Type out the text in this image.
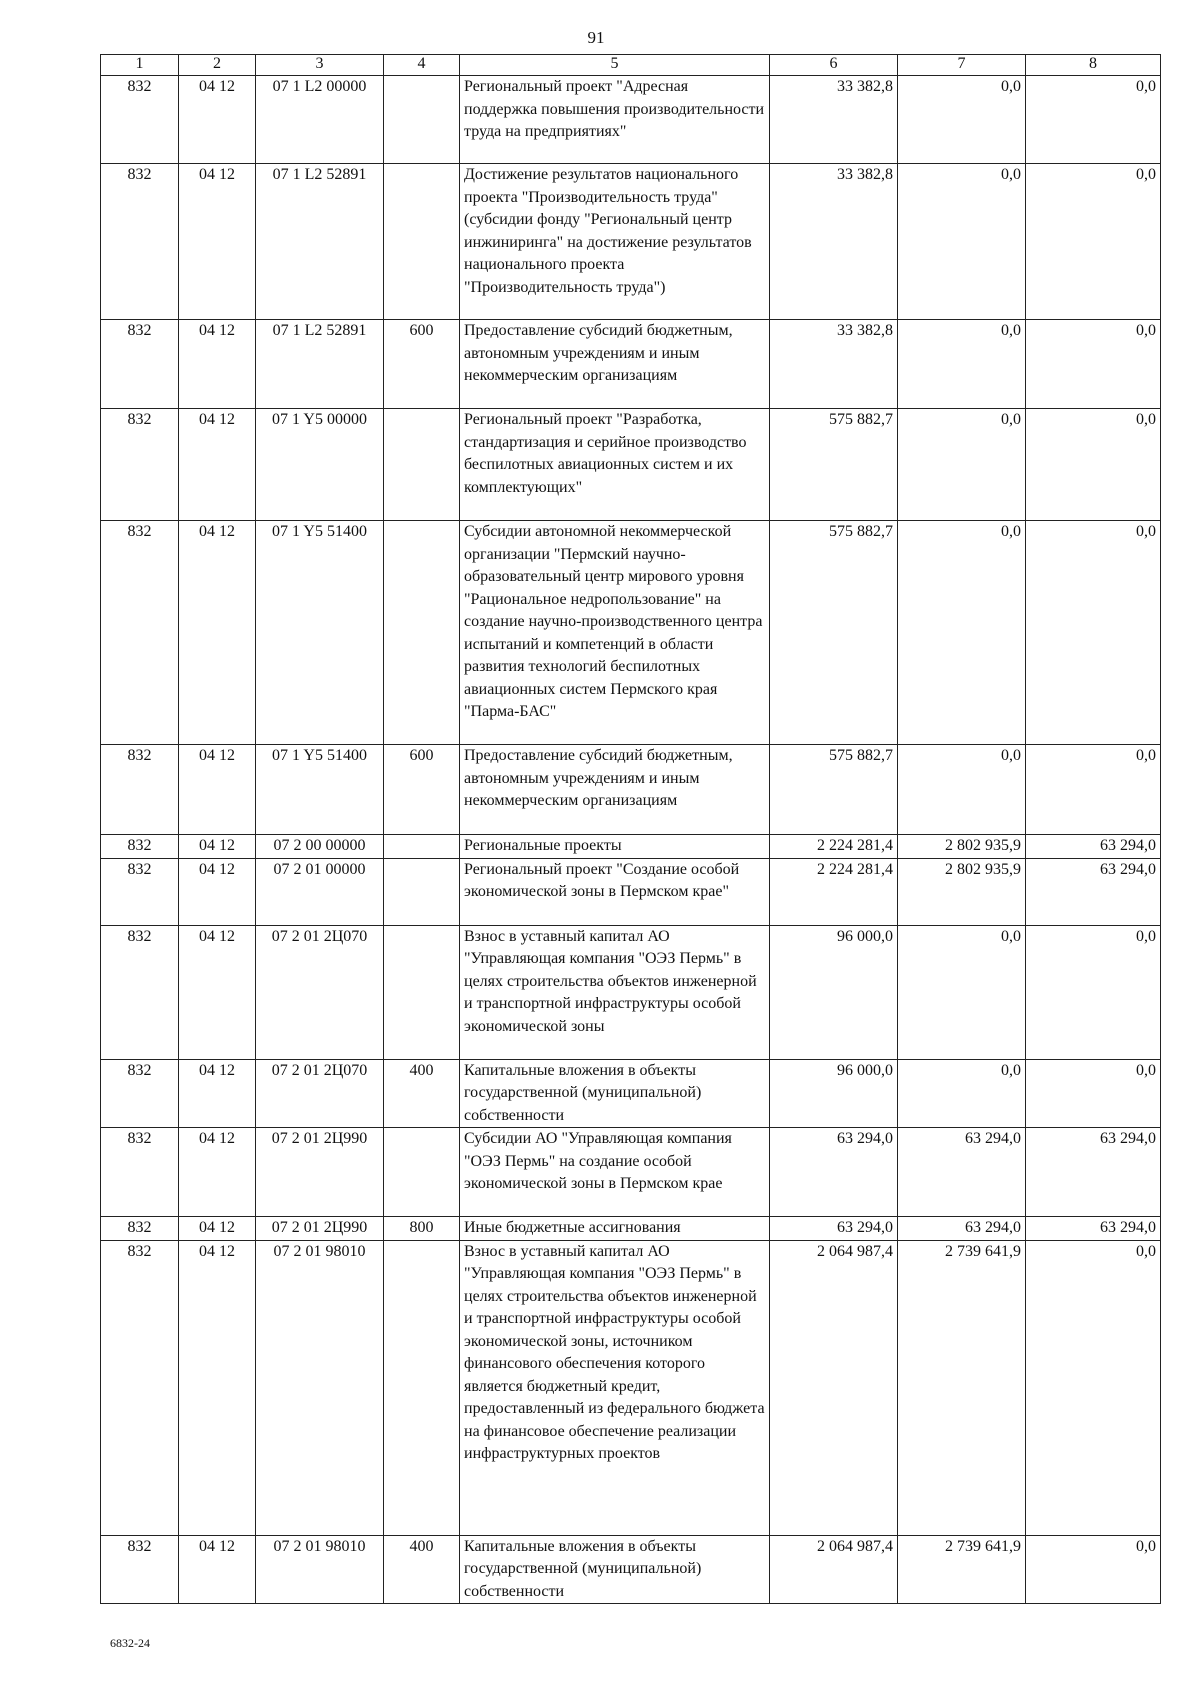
91
1	2	3	4	5	6	7	8
832	04 12	07 1 L2 00000		Региональный проект "Адресная поддержка повышения производительности труда на предприятиях"	33 382,8	0,0	0,0
832	04 12	07 1 L2 52891		Достижение результатов национального проекта "Производительность труда" (субсидии фонду "Региональный центр инжиниринга" на достижение результатов национального проекта "Производительность труда")	33 382,8	0,0	0,0
832	04 12	07 1 L2 52891	600	Предоставление субсидий бюджетным, автономным учреждениям и иным некоммерческим организациям	33 382,8	0,0	0,0
832	04 12	07 1 Y5 00000		Региональный проект "Разработка, стандартизация и серийное производство беспилотных авиационных систем и их комплектующих"	575 882,7	0,0	0,0
832	04 12	07 1 Y5 51400		Субсидии автономной некоммерческой организации "Пермский научно-образовательный центр мирового уровня "Рациональное недропользование" на создание научно-производственного центра испытаний и компетенций в области развития технологий беспилотных авиационных систем Пермского края "Парма-БАС"	575 882,7	0,0	0,0
832	04 12	07 1 Y5 51400	600	Предоставление субсидий бюджетным, автономным учреждениям и иным некоммерческим организациям	575 882,7	0,0	0,0
832	04 12	07 2 00 00000		Региональные проекты	2 224 281,4	2 802 935,9	63 294,0
832	04 12	07 2 01 00000		Региональный проект "Создание особой экономической зоны в Пермском крае"	2 224 281,4	2 802 935,9	63 294,0
832	04 12	07 2 01 2Ц070		Взнос в уставный капитал АО "Управляющая компания "ОЭЗ Пермь" в целях строительства объектов инженерной и транспортной инфраструктуры особой экономической зоны	96 000,0	0,0	0,0
832	04 12	07 2 01 2Ц070	400	Капитальные вложения в объекты государственной (муниципальной) собственности	96 000,0	0,0	0,0
832	04 12	07 2 01 2Ц990		Субсидии АО "Управляющая компания "ОЭЗ Пермь" на создание особой экономической зоны в Пермском крае	63 294,0	63 294,0	63 294,0
832	04 12	07 2 01 2Ц990	800	Иные бюджетные ассигнования	63 294,0	63 294,0	63 294,0
832	04 12	07 2 01 98010		Взнос в уставный капитал АО "Управляющая компания "ОЭЗ Пермь" в целях строительства объектов инженерной и транспортной инфраструктуры особой экономической зоны, источником финансового обеспечения которого является бюджетный кредит, предоставленный из федерального бюджета на финансовое обеспечение реализации инфраструктурных проектов	2 064 987,4	2 739 641,9	0,0
832	04 12	07 2 01 98010	400	Капитальные вложения в объекты государственной (муниципальной) собственности	2 064 987,4	2 739 641,9	0,0
6832-24
